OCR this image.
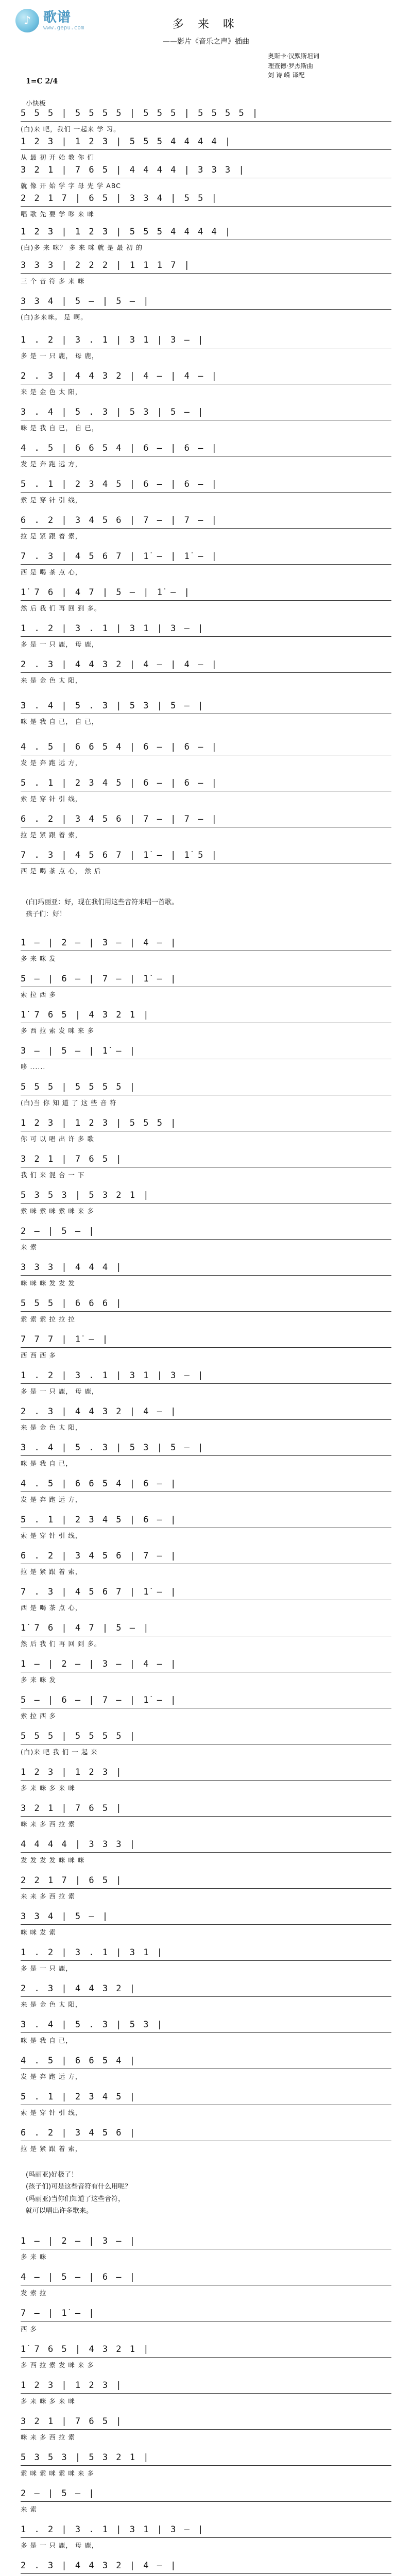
♪ 歌谱
www.gepu.com	多 来 咪
——影片《音乐之声》插曲
奥斯卡·汉默斯坦词
理查德·罗杰斯曲
刘 诗 嵘 译配
1=C 2/4
小快板
5 5 5 | 5 5 5 5 | 5 5 5 | 5 5 5 5 |
(白)来 吧，我们 一起来 学 习。
1 2 3 | 1 2 3 | 5 5 5 4 4 4 4 |
从 最 初 开 始 教 你 们
3 2 1 | 7 6 5 | 4 4 4 4 | 3 3 3 |
就 像 开 始 学 字 母 先 学 ABC
2 2 1 7 | 6 5 | 3 3 4 | 5 5 |
唱 歌 先 要 学 哆 来 咪
1 2 3 | 1 2 3 | 5 5 5 4 4 4 4 |
(白)多 来 咪？ 多 来 咪 就 是 最 初 的
3 3 3 | 2 2 2 | 1 1 1 7 |
三 个 音 符 多 来 咪
3 3 4 | 5 — | 5 — |
(白)多来咪。 是 啊。
1 . 2 | 3 . 1 | 3 1 | 3 — |
多 是 一 只 鹿， 母 鹿，
2 . 3 | 4 4 3 2 | 4 — | 4 — |
来 是 金 色 太 阳，
3 . 4 | 5 . 3 | 5 3 | 5 — |
咪 是 我 自 已， 自 已，
4 . 5 | 6 6 5 4 | 6 — | 6 — |
发 是 奔 跑 远 方，
5 . 1 | 2 3 4 5 | 6 — | 6 — |
索 是 穿 针 引 线，
6 . 2 | 3 4 5 6 | 7 — | 7 — |
拉 是 紧 跟 着 索，
7 . 3 | 4 5 6 7 | 1̇ — | 1̇ — |
西 是 喝 茶 点 心，
1̇ 7 6 | 4 7 | 5 — | 1̇ — |
然 后 我 们 再 回 到 多。
1 . 2 | 3 . 1 | 3 1 | 3 — |
多 是 一 只 鹿， 母 鹿，
2 . 3 | 4 4 3 2 | 4 — | 4 — |
来 是 金 色 太 阳，
3 . 4 | 5 . 3 | 5 3 | 5 — |
咪 是 我 自 已， 自 已，
4 . 5 | 6 6 5 4 | 6 — | 6 — |
发 是 奔 跑 远 方，
5 . 1 | 2 3 4 5 | 6 — | 6 — |
索 是 穿 针 引 线，
6 . 2 | 3 4 5 6 | 7 — | 7 — |
拉 是 紧 跟 着 索，
7 . 3 | 4 5 6 7 | 1̇ — | 1̇ 5 |
西 是 喝 茶 点 心， 然 后
(白)玛丽亚：好，现在我们用这些音符来唱一首歌。
孩子们：好！
1 — | 2 — | 3 — | 4 — |
多 来 咪 发
5 — | 6 — | 7 — | 1̇ — |
索 拉 西 多
1̇ 7 6 5 | 4 3 2 1 |
多 西 拉 索 发 咪 来 多
3 — | 5 — | 1̇ — |
哆 ......
5 5 5 | 5 5 5 5 |
(白)当 你 知 道 了 这 些 音 符
1 2 3 | 1 2 3 | 5 5 5 |
你 可 以 唱 出 许 多 歌
3 2 1 | 7 6 5 |
我 们 来 混 合 一 下
5 3 5 3 | 5 3 2 1 |
索 咪 索 咪 索 咪 来 多
2 — | 5 — |
来 索
3 3 3 | 4 4 4 |
咪 咪 咪 发 发 发
5 5 5 | 6 6 6 |
索 索 索 拉 拉 拉
7 7 7 | 1̇ — |
西 西 西 多
1 . 2 | 3 . 1 | 3 1 | 3 — |
多 是 一 只 鹿， 母 鹿，
2 . 3 | 4 4 3 2 | 4 — |
来 是 金 色 太 阳，
3 . 4 | 5 . 3 | 5 3 | 5 — |
咪 是 我 自 已，
4 . 5 | 6 6 5 4 | 6 — |
发 是 奔 跑 远 方，
5 . 1 | 2 3 4 5 | 6 — |
索 是 穿 针 引 线，
6 . 2 | 3 4 5 6 | 7 — |
拉 是 紧 跟 着 索，
7 . 3 | 4 5 6 7 | 1̇ — |
西 是 喝 茶 点 心，
1̇ 7 6 | 4 7 | 5 — |
然 后 我 们 再 回 到 多。
1 — | 2 — | 3 — | 4 — |
多 来 咪 发
5 — | 6 — | 7 — | 1̇ — |
索 拉 西 多
5 5 5 | 5 5 5 5 |
(白)来 吧 我 们 一 起 来
1 2 3 | 1 2 3 |
多 来 咪 多 来 咪
3 2 1 | 7 6 5 |
咪 来 多 西 拉 索
4 4 4 4 | 3 3 3 |
发 发 发 发 咪 咪 咪
2 2 1 7 | 6 5 |
来 来 多 西 拉 索
3 3 4 | 5 — |
咪 咪 发 索
1 . 2 | 3 . 1 | 3 1 |
多 是 一 只 鹿，
2 . 3 | 4 4 3 2 |
来 是 金 色 太 阳，
3 . 4 | 5 . 3 | 5 3 |
咪 是 我 自 已，
4 . 5 | 6 6 5 4 |
发 是 奔 跑 远 方，
5 . 1 | 2 3 4 5 |
索 是 穿 针 引 线，
6 . 2 | 3 4 5 6 |
拉 是 紧 跟 着 索，
(玛丽亚)好极了！
(孩子们)可是这些音符有什么用呢？
(玛丽亚)当你们知道了这些音符，
就可以唱出许多歌来。
1 — | 2 — | 3 — |
多 来 咪
4 — | 5 — | 6 — |
发 索 拉
7 — | 1̇ — |
西 多
1̇ 7 6 5 | 4 3 2 1 |
多 西 拉 索 发 咪 来 多
1 2 3 | 1 2 3 |
多 来 咪 多 来 咪
3 2 1 | 7 6 5 |
咪 来 多 西 拉 索
5 3 5 3 | 5 3 2 1 |
索 咪 索 咪 索 咪 来 多
2 — | 5 — |
来 索
1 . 2 | 3 . 1 | 3 1 | 3 — |
多 是 一 只 鹿， 母 鹿，
2 . 3 | 4 4 3 2 | 4 — |
